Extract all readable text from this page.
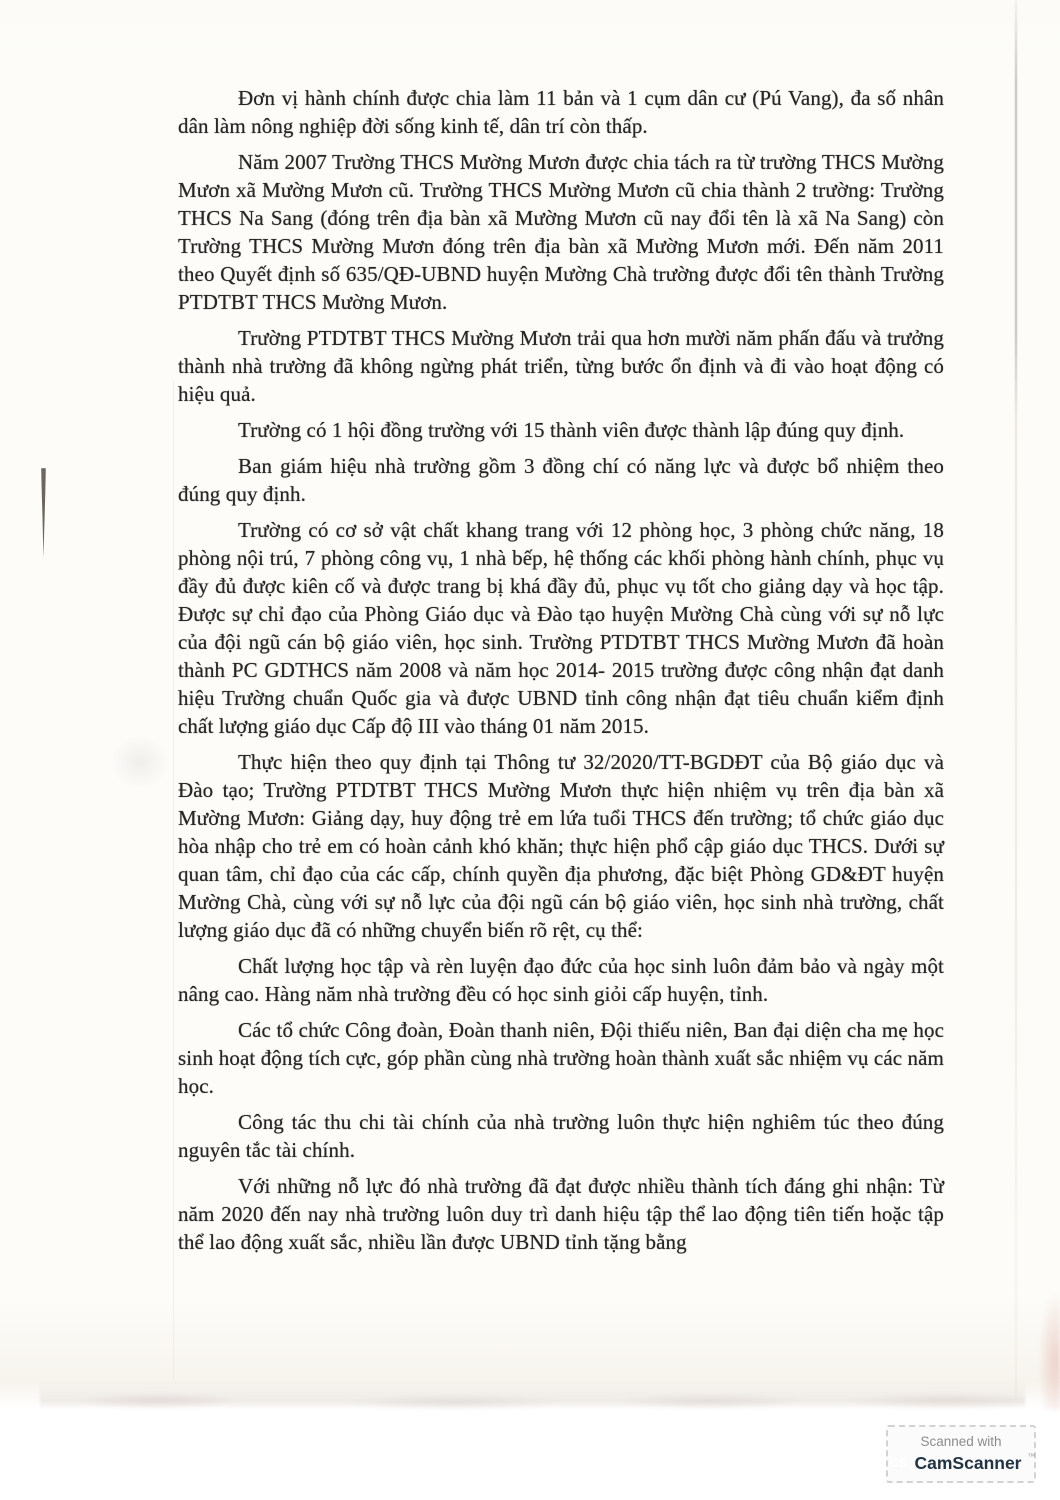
Đơn vị hành chính được chia làm 11 bản và 1 cụm dân cư (Pú Vang), đa số nhân dân làm nông nghiệp đời sống kinh tế, dân trí còn thấp.

Năm 2007 Trường THCS Mường Mươn được chia tách ra từ trường THCS Mường Mươn xã Mường Mươn cũ. Trường THCS Mường Mươn cũ chia thành 2 trường: Trường THCS Na Sang (đóng trên địa bàn xã Mường Mươn cũ nay đổi tên là xã Na Sang) còn Trường THCS Mường Mươn đóng trên địa bàn xã Mường Mươn mới. Đến năm 2011 theo Quyết định số 635/QĐ-UBND huyện Mường Chà trường được đổi tên thành Trường PTDTBT THCS Mường Mươn.

Trường PTDTBT THCS Mường Mươn trải qua hơn mười năm phấn đấu và trưởng thành nhà trường đã không ngừng phát triển, từng bước ổn định và đi vào hoạt động có hiệu quả.

Trường có 1 hội đồng trường với 15 thành viên được thành lập đúng quy định.

Ban giám hiệu nhà trường gồm 3 đồng chí có năng lực và được bổ nhiệm theo đúng quy định.

Trường có cơ sở vật chất khang trang với 12 phòng học, 3 phòng chức năng, 18 phòng nội trú, 7 phòng công vụ, 1 nhà bếp, hệ thống các khối phòng hành chính, phục vụ đầy đủ được kiên cố và được trang bị khá đầy đủ, phục vụ tốt cho giảng dạy và học tập. Được sự chỉ đạo của Phòng Giáo dục và Đào tạo huyện Mường Chà cùng với sự nỗ lực của đội ngũ cán bộ giáo viên, học sinh. Trường PTDTBT THCS Mường Mươn đã hoàn thành PC GDTHCS năm 2008 và năm học 2014- 2015 trường được công nhận đạt danh hiệu Trường chuẩn Quốc gia và được UBND tỉnh công nhận đạt tiêu chuẩn kiểm định chất lượng giáo dục Cấp độ III vào tháng 01 năm 2015.

Thực hiện theo quy định tại Thông tư 32/2020/TT-BGDĐT của Bộ giáo dục và Đào tạo; Trường PTDTBT THCS Mường Mươn thực hiện nhiệm vụ trên địa bàn xã Mường Mươn: Giảng dạy, huy động trẻ em lứa tuổi THCS đến trường; tổ chức giáo dục hòa nhập cho trẻ em có hoàn cảnh khó khăn; thực hiện phổ cập giáo dục THCS. Dưới sự quan tâm, chỉ đạo của các cấp, chính quyền địa phương, đặc biệt Phòng GD&ĐT huyện Mường Chà, cùng với sự nỗ lực của đội ngũ cán bộ giáo viên, học sinh nhà trường, chất lượng giáo dục đã có những chuyển biến rõ rệt, cụ thể:

Chất lượng học tập và rèn luyện đạo đức của học sinh luôn đảm bảo và ngày một nâng cao. Hàng năm nhà trường đều có học sinh giỏi cấp huyện, tỉnh.

Các tổ chức Công đoàn, Đoàn thanh niên, Đội thiếu niên, Ban đại diện cha mẹ học sinh hoạt động tích cực, góp phần cùng nhà trường hoàn thành xuất sắc nhiệm vụ các năm học.

Công tác thu chi tài chính của nhà trường luôn thực hiện nghiêm túc theo đúng nguyên tắc tài chính.

Với những nỗ lực đó nhà trường đã đạt được nhiều thành tích đáng ghi nhận: Từ năm 2020 đến nay nhà trường luôn duy trì danh hiệu tập thể lao động tiên tiến hoặc tập thể lao động xuất sắc, nhiều lần được UBND tỉnh tặng bằng

Scanned with
CS CamScanner ™
